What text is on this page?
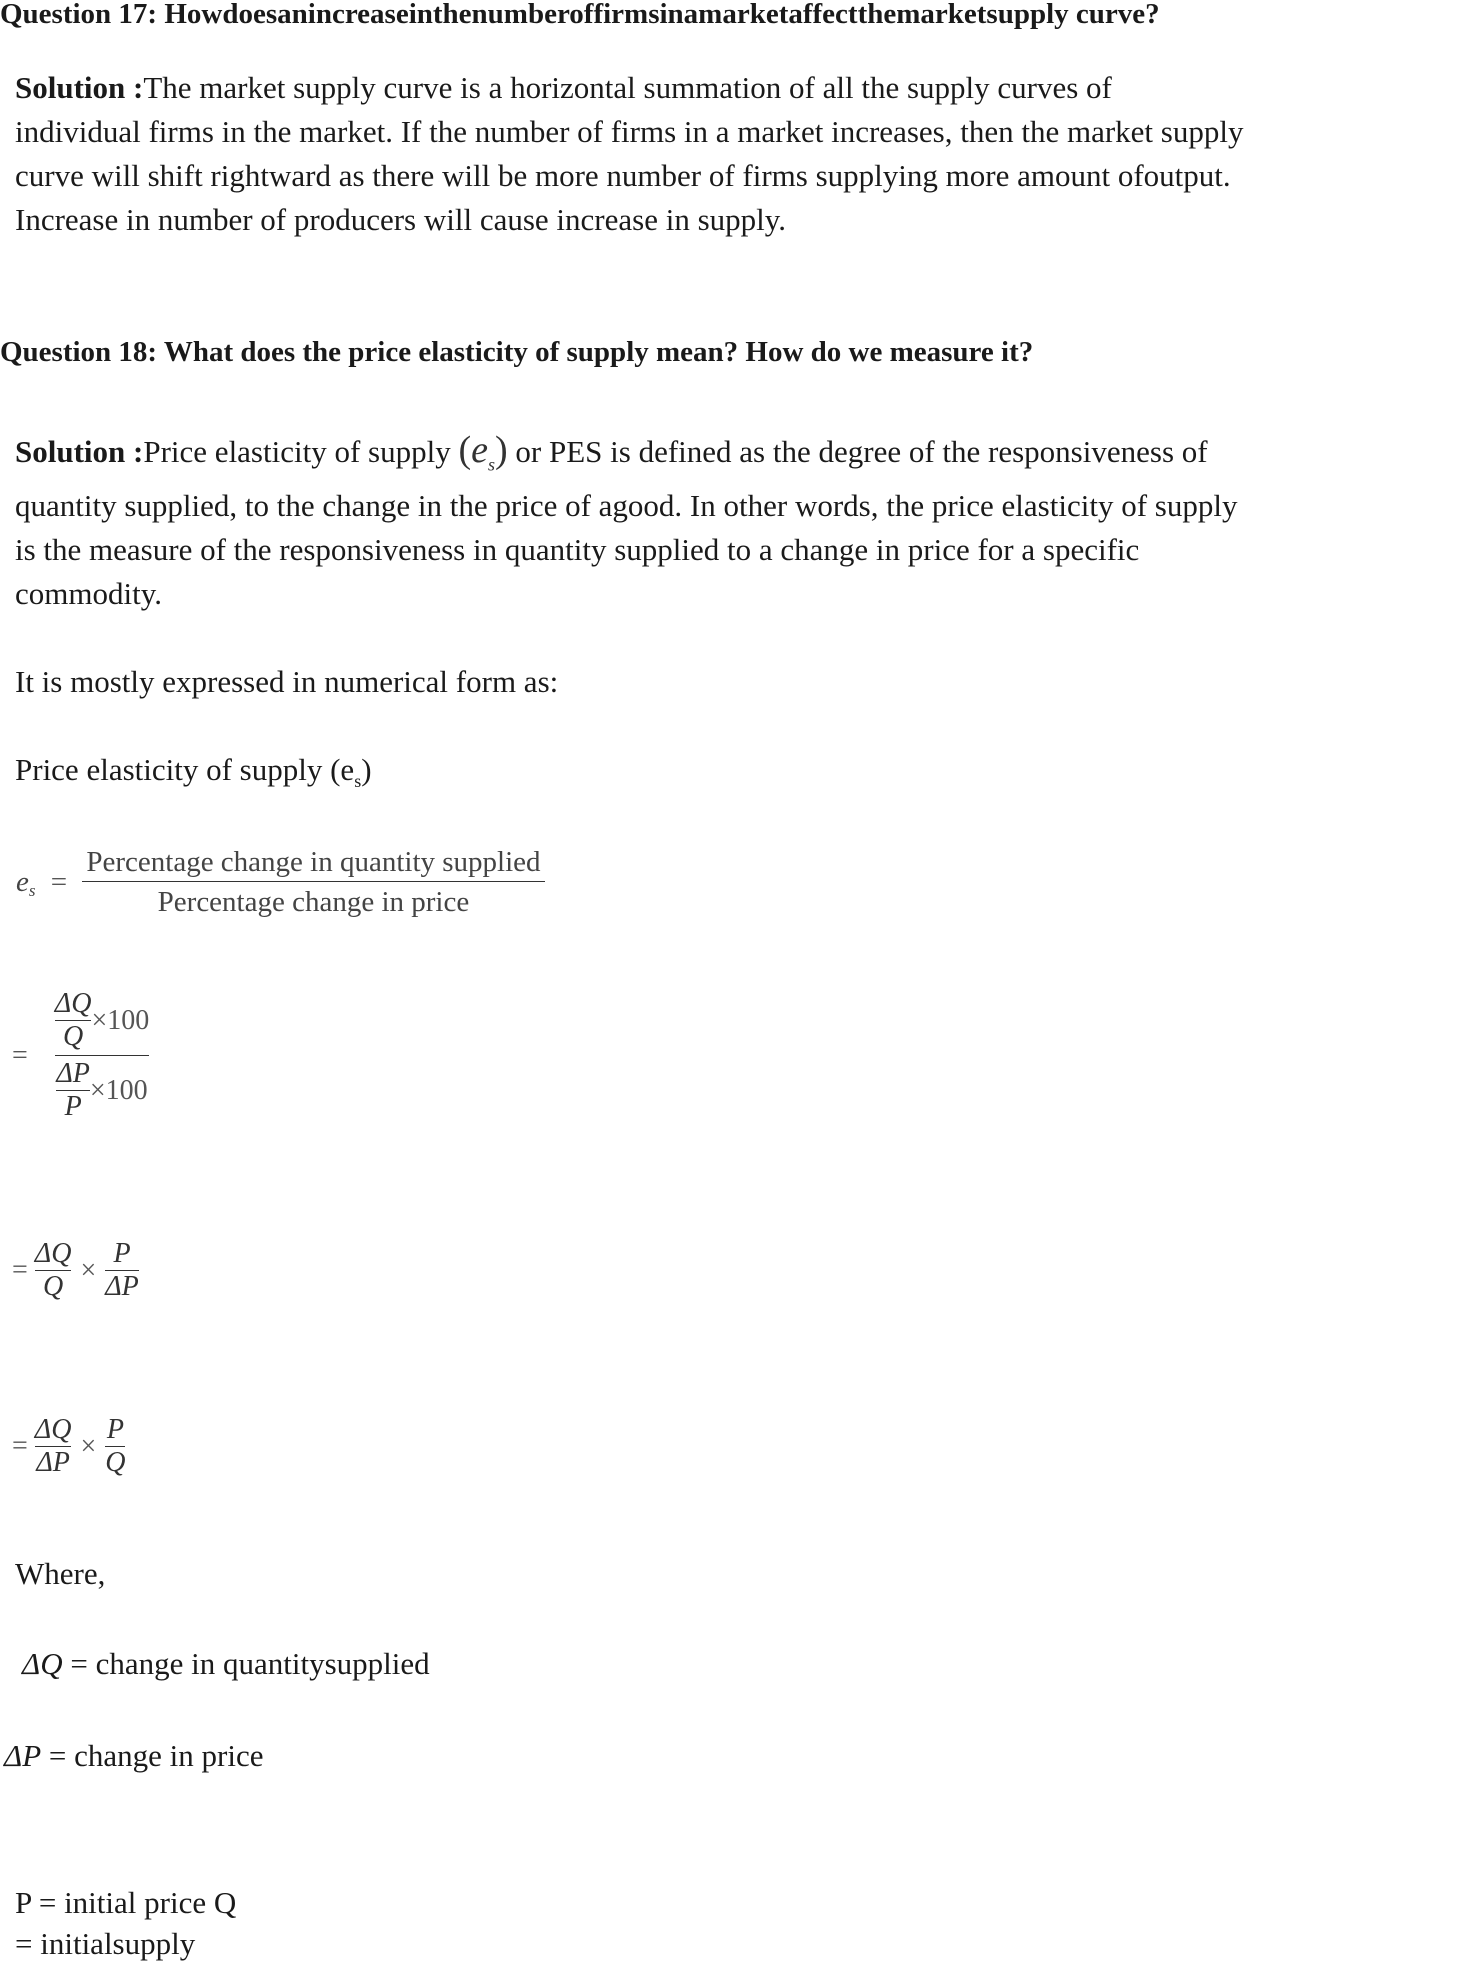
Question 17: Howdoesanincreaseinthenumberoffirmsinamarketaffectthemarketsupply curve?
Solution :The market supply curve is a horizontal summation of all the supply curves of
individual firms in the market. If the number of firms in a market increases, then the market supply
curve will shift rightward as there will be more number of firms supplying more amount ofoutput.
Increase in number of producers will cause increase in supply.
Question 18: What does the price elasticity of supply mean? How do we measure it?
Solution :Price elasticity of supply $(e_s)$ or PES is defined as the degree of the responsiveness of
quantity supplied, to the change in the price of agood. In other words, the price elasticity of supply
is the measure of the responsiveness in quantity supplied to a change in price for a specific
commodity.
It is mostly expressed in numerical form as:
Price elasticity of supply $(e_s)$
$e_s = \frac{\text{Percentage change in quantity supplied}}{\text{Percentage change in price}}$
= $\frac{\frac{\Delta Q}{Q} \times 100}{\frac{\Delta P}{P} \times 100}$
= $\frac{\Delta Q}{Q} \times \frac{P}{\Delta P}$
= $\frac{\Delta Q}{\Delta P} \times \frac{P}{Q}$
Where,
ΔQ = change in quantitysupplied
ΔP = change in price
P = initial price Q
= initialsupply
